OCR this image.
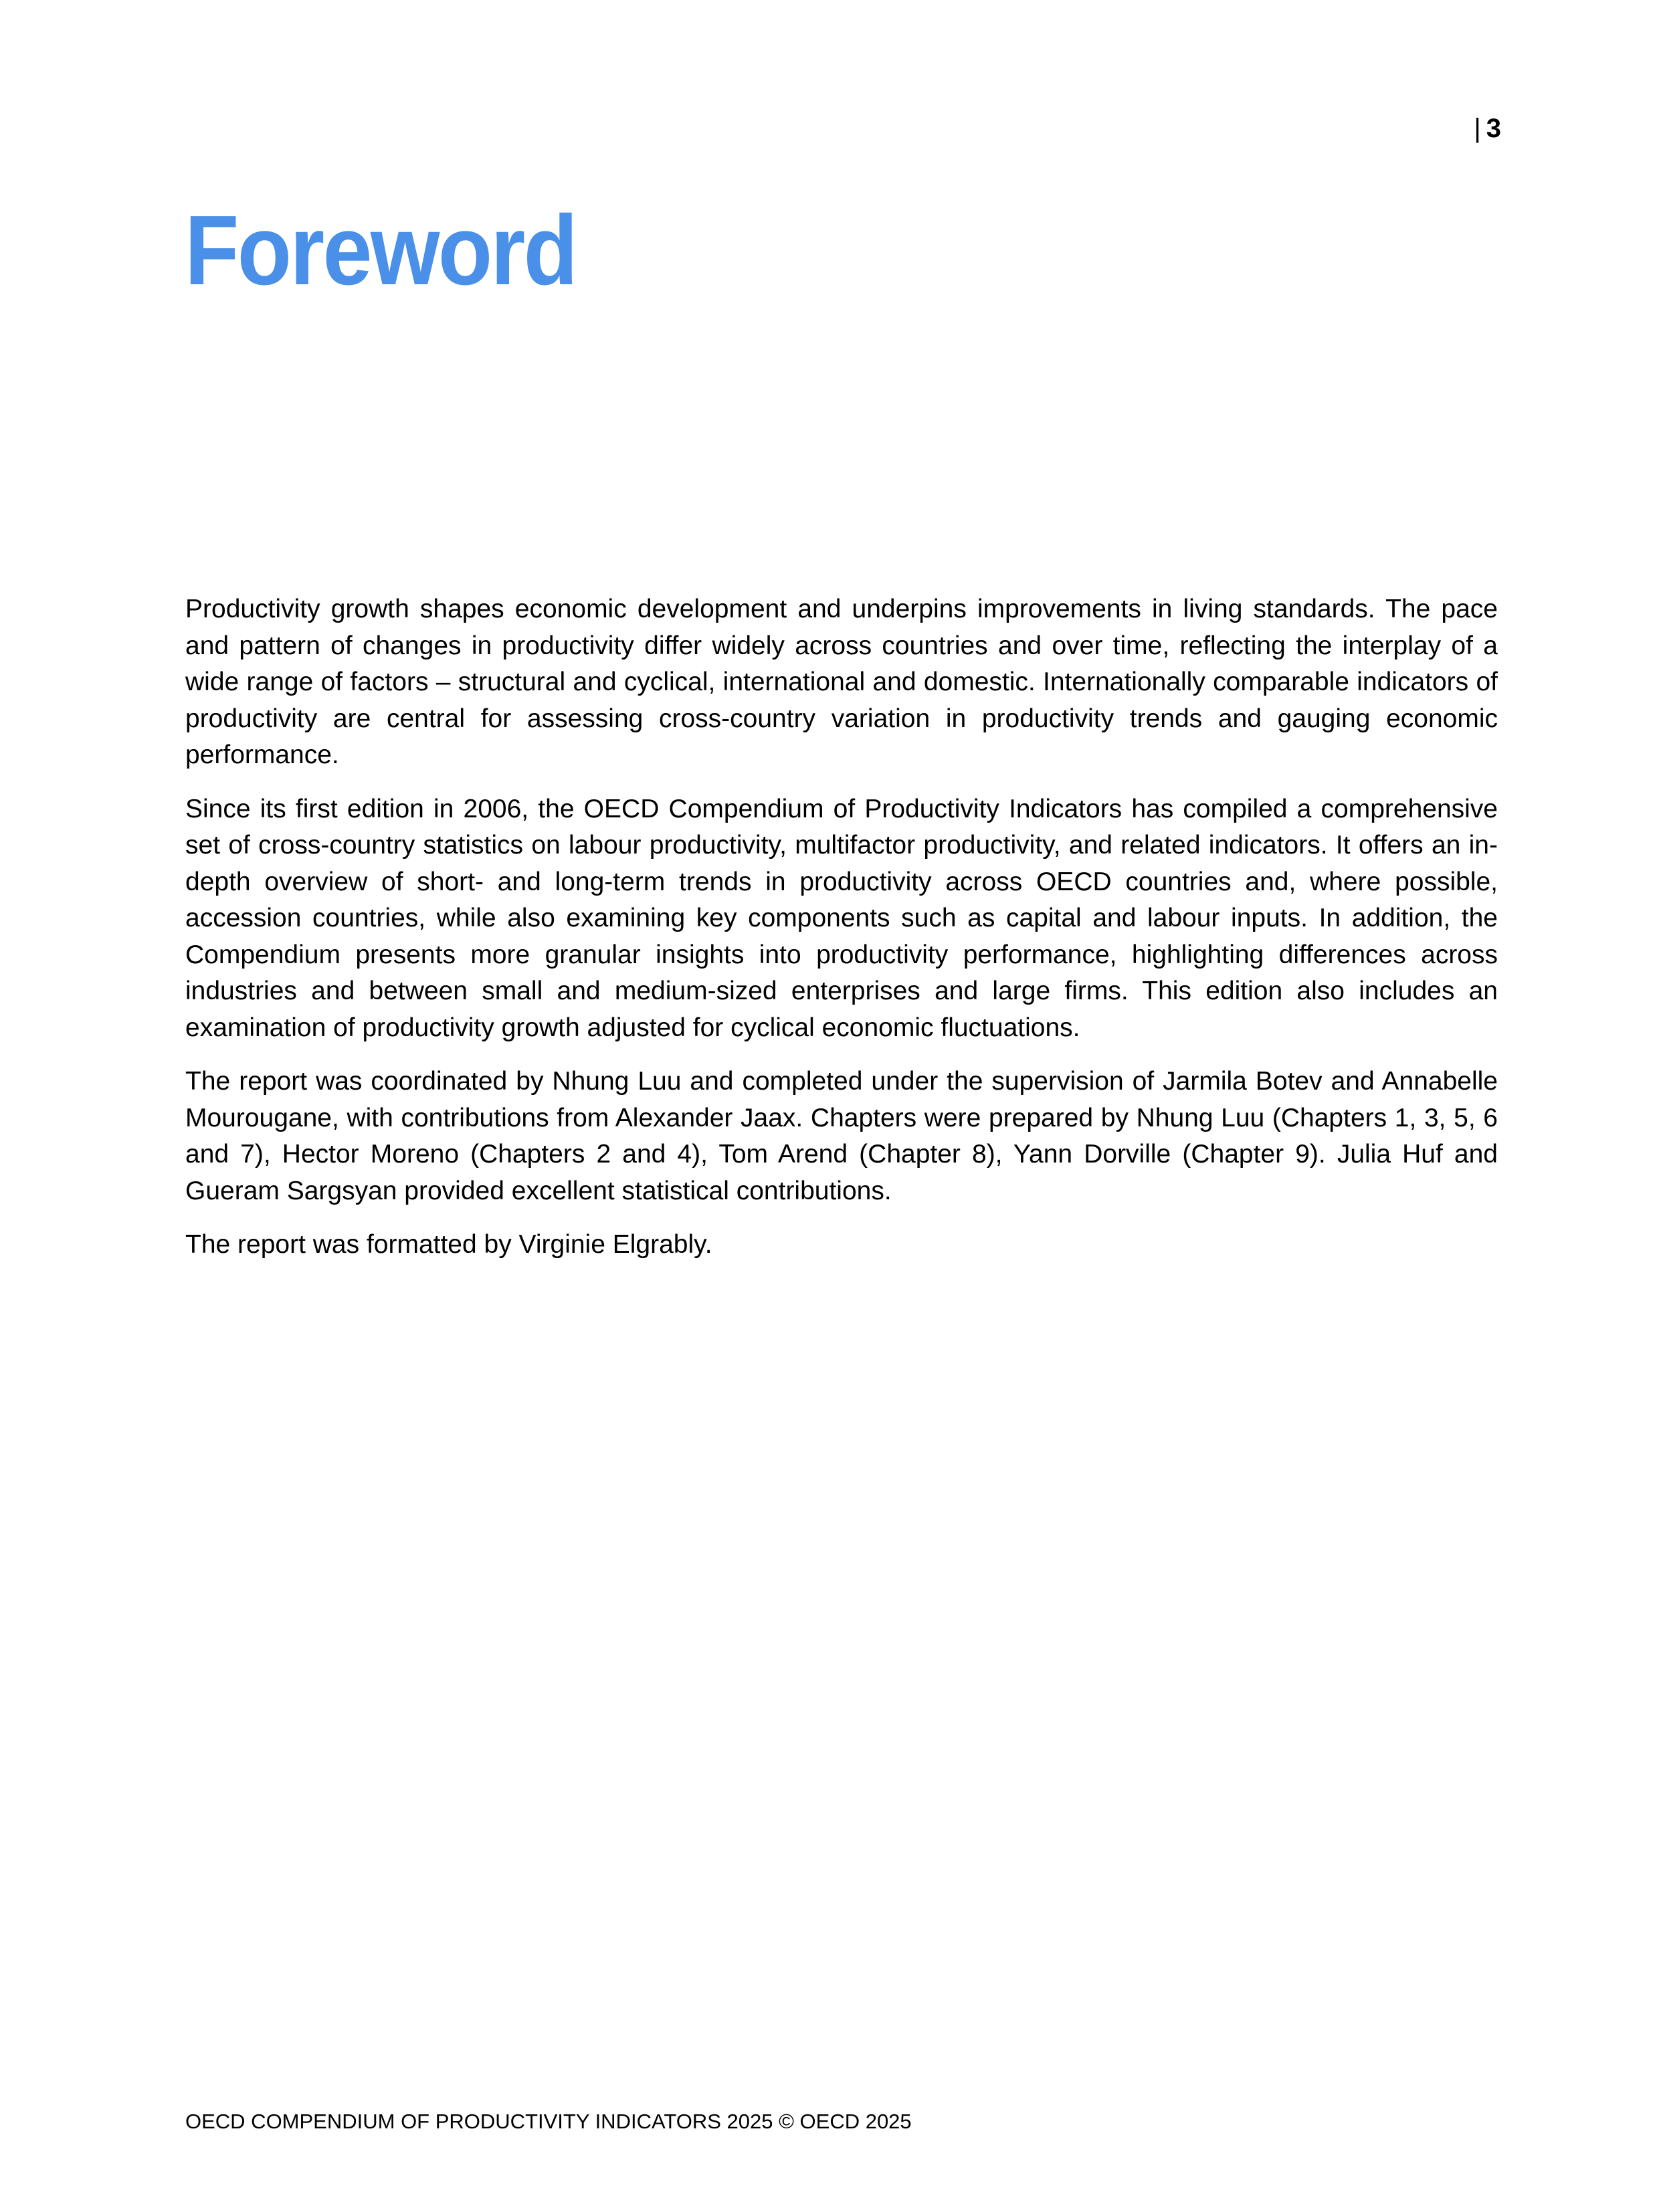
| 3
Foreword

Productivity growth shapes economic development and underpins improvements in living standards. The pace and pattern of changes in productivity differ widely across countries and over time, reflecting the interplay of a wide range of factors – structural and cyclical, international and domestic. Internationally comparable indicators of productivity are central for assessing cross-country variation in productivity trends and gauging economic performance.

Since its first edition in 2006, the OECD Compendium of Productivity Indicators has compiled a comprehensive set of cross-country statistics on labour productivity, multifactor productivity, and related indicators. It offers an in-depth overview of short- and long-term trends in productivity across OECD countries and, where possible, accession countries, while also examining key components such as capital and labour inputs. In addition, the Compendium presents more granular insights into productivity performance, highlighting differences across industries and between small and medium-sized enterprises and large firms. This edition also includes an examination of productivity growth adjusted for cyclical economic fluctuations.

The report was coordinated by Nhung Luu and completed under the supervision of Jarmila Botev and Annabelle Mourougane, with contributions from Alexander Jaax. Chapters were prepared by Nhung Luu (Chapters 1, 3, 5, 6 and 7), Hector Moreno (Chapters 2 and 4), Tom Arend (Chapter 8), Yann Dorville (Chapter 9). Julia Huf and Gueram Sargsyan provided excellent statistical contributions.

The report was formatted by Virginie Elgrably.

OECD COMPENDIUM OF PRODUCTIVITY INDICATORS 2025 © OECD 2025
